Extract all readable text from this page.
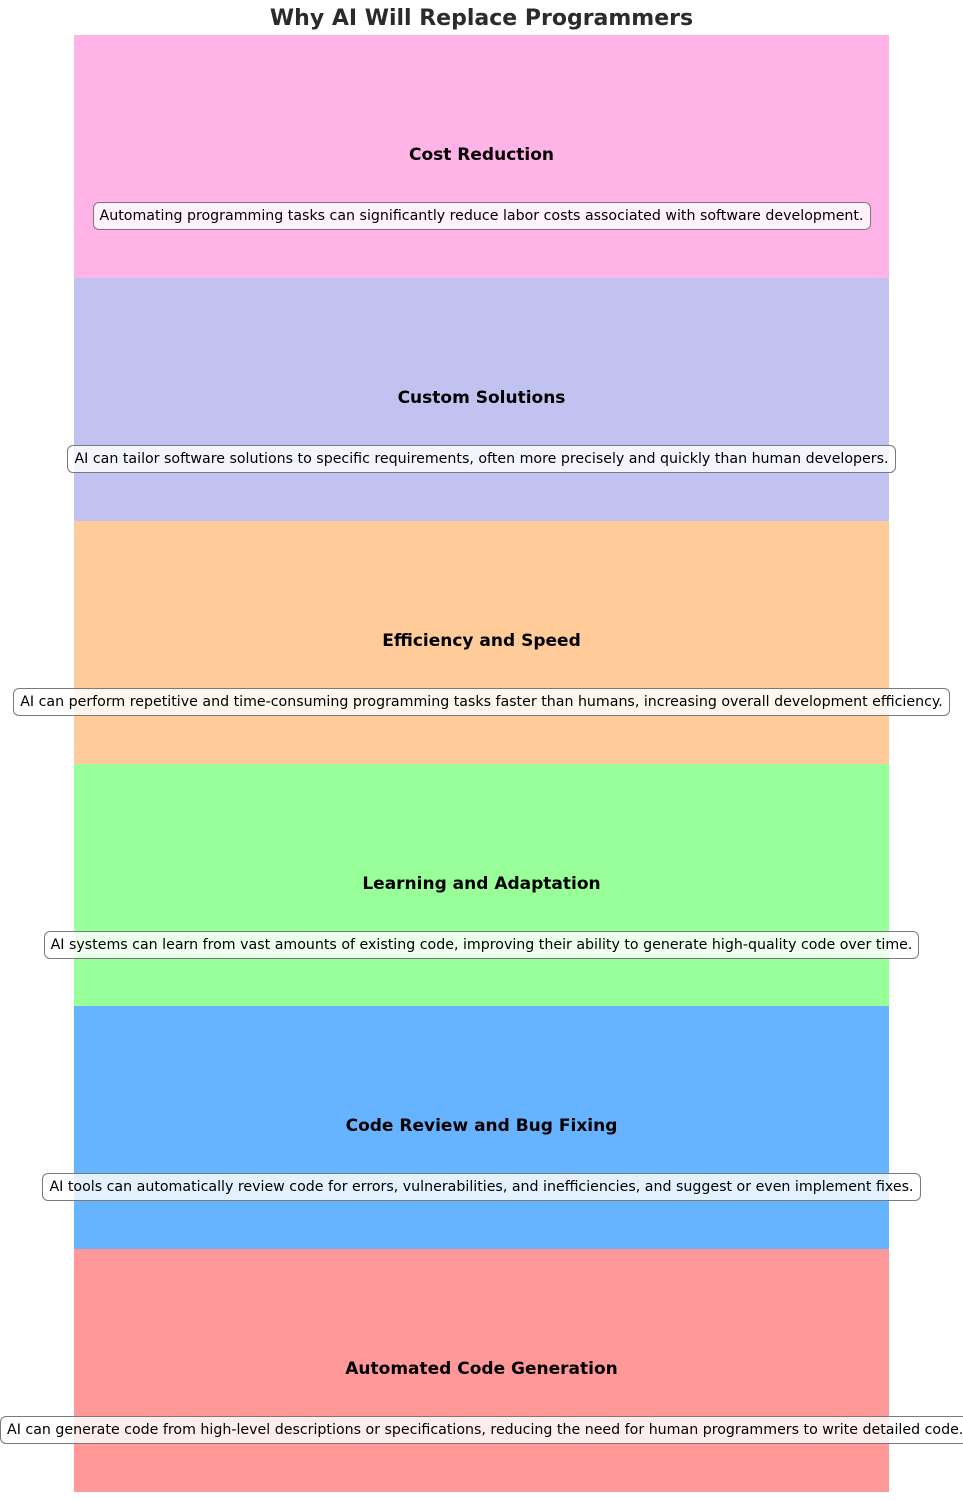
Cost Reduction
Automating programming tasks can significantly reduce labor costs associated with software development.
Custom Solutions
AI can tailor software solutions to specific requirements, often more precisely and quickly than human developers.
Efficiency and Speed
AI can perform repetitive and time-consuming programming tasks faster than humans, increasing overall development efficiency.
Learning and Adaptation
AI systems can learn from vast amounts of existing code, improving their ability to generate high-quality code over time.
Code Review and Bug Fixing
AI tools can automatically review code for errors, vulnerabilities, and inefficiencies, and suggest or even implement fixes.
Automated Code Generation
AI can generate code from high-level descriptions or specifications, reducing the need for human programmers to write detailed code.
Why AI Will Replace Programmers
